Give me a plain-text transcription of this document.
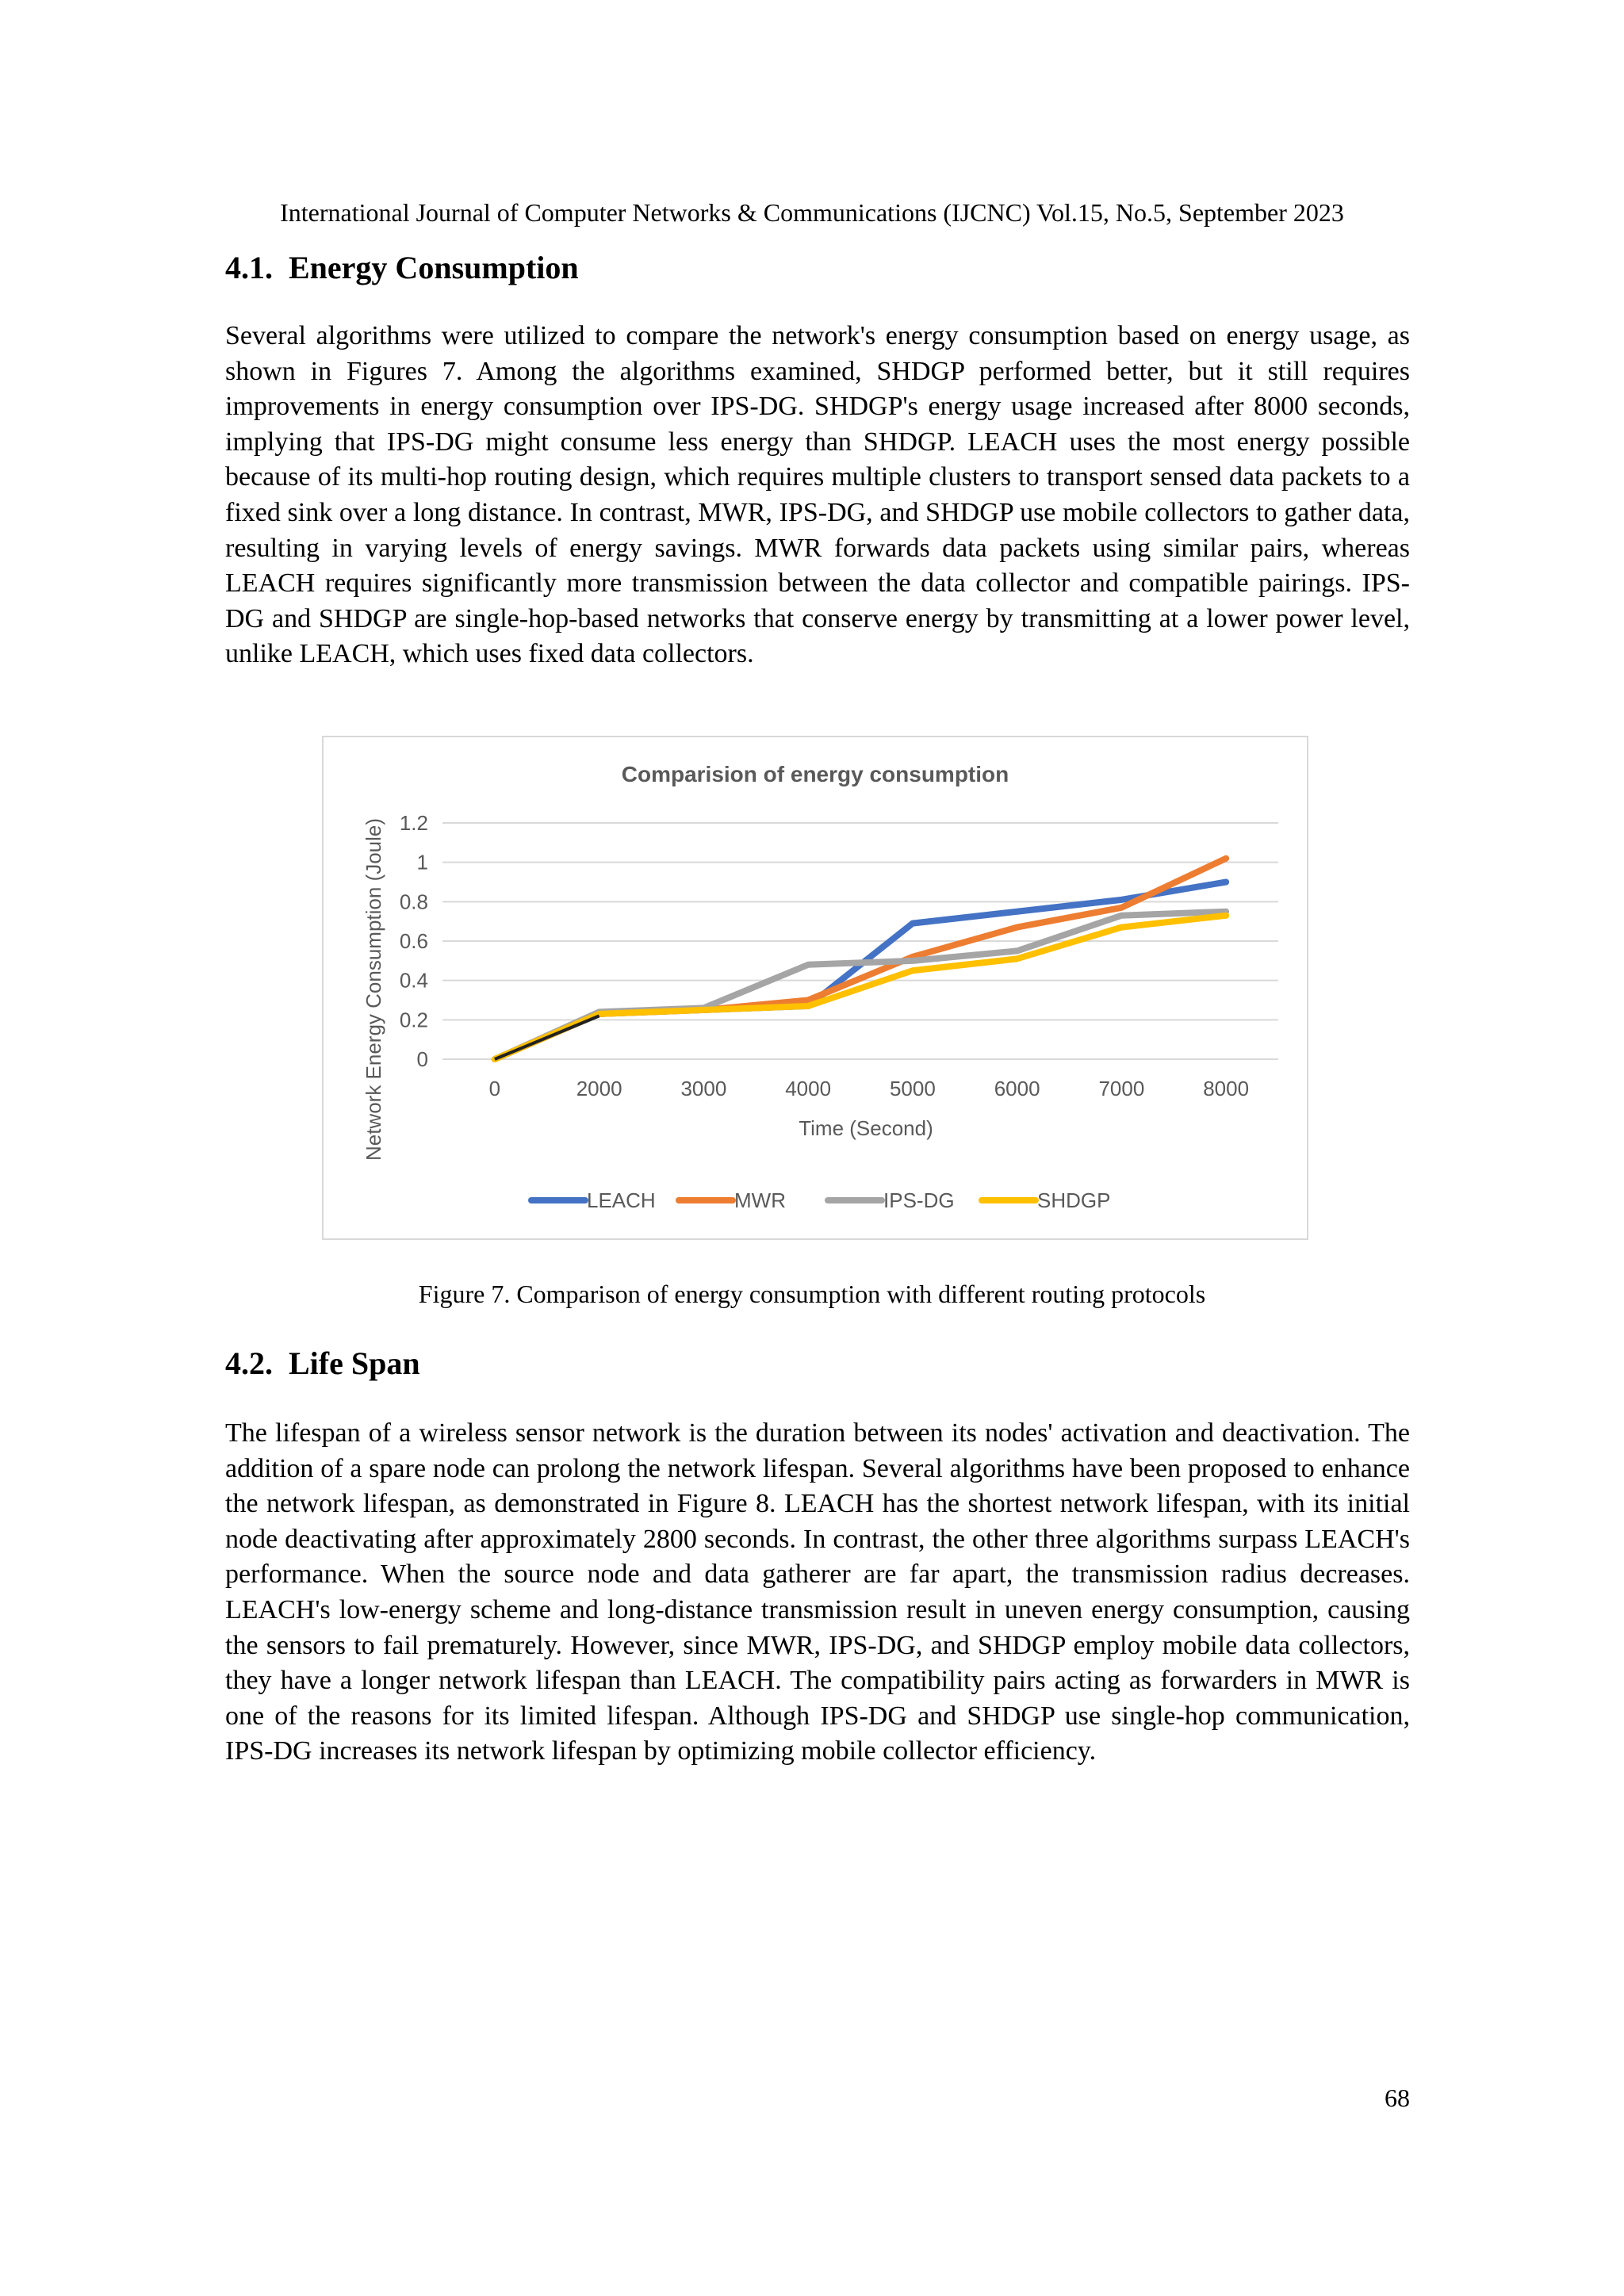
International Journal of Computer Networks & Communications (IJCNC) Vol.15, No.5, September 2023
4.1. Energy Consumption

Several algorithms were utilized to compare the network's energy consumption based on energy usage, as shown in Figures 7. Among the algorithms examined, SHDGP performed better, but it still requires improvements in energy consumption over IPS-DG. SHDGP's energy usage increased after 8000 seconds, implying that IPS-DG might consume less energy than SHDGP. LEACH uses the most energy possible because of its multi-hop routing design, which requires multiple clusters to transport sensed data packets to a fixed sink over a long distance. In contrast, MWR, IPS-DG, and SHDGP use mobile collectors to gather data, resulting in varying levels of energy savings. MWR forwards data packets using similar pairs, whereas LEACH requires significantly more transmission between the data collector and compatible pairings. IPS-DG and SHDGP are single-hop-based networks that conserve energy by transmitting at a lower power level, unlike LEACH, which uses fixed data collectors.

0
0.2
0.4
0.6
0.8
1
1.2
0	2000	3000	4000	5000	6000	7000	8000
Comparision of energy consumption
Time (Second)
Network Energy Consumption (Joule)
LEACH	MWR	IPS-DG	SHDGP
Figure 7. Comparison of energy consumption with different routing protocols
4.2. Life Span

The lifespan of a wireless sensor network is the duration between its nodes' activation and deactivation. The addition of a spare node can prolong the network lifespan. Several algorithms have been proposed to enhance the network lifespan, as demonstrated in Figure 8. LEACH has the shortest network lifespan, with its initial node deactivating after approximately 2800 seconds. In contrast, the other three algorithms surpass LEACH's performance. When the source node and data gatherer are far apart, the transmission radius decreases. LEACH's low-energy scheme and long-distance transmission result in uneven energy consumption, causing the sensors to fail prematurely. However, since MWR, IPS-DG, and SHDGP employ mobile data collectors, they have a longer network lifespan than LEACH. The compatibility pairs acting as forwarders in MWR is one of the reasons for its limited lifespan. Although IPS-DG and SHDGP use single-hop communication, IPS-DG increases its network lifespan by optimizing mobile collector efficiency.

68
